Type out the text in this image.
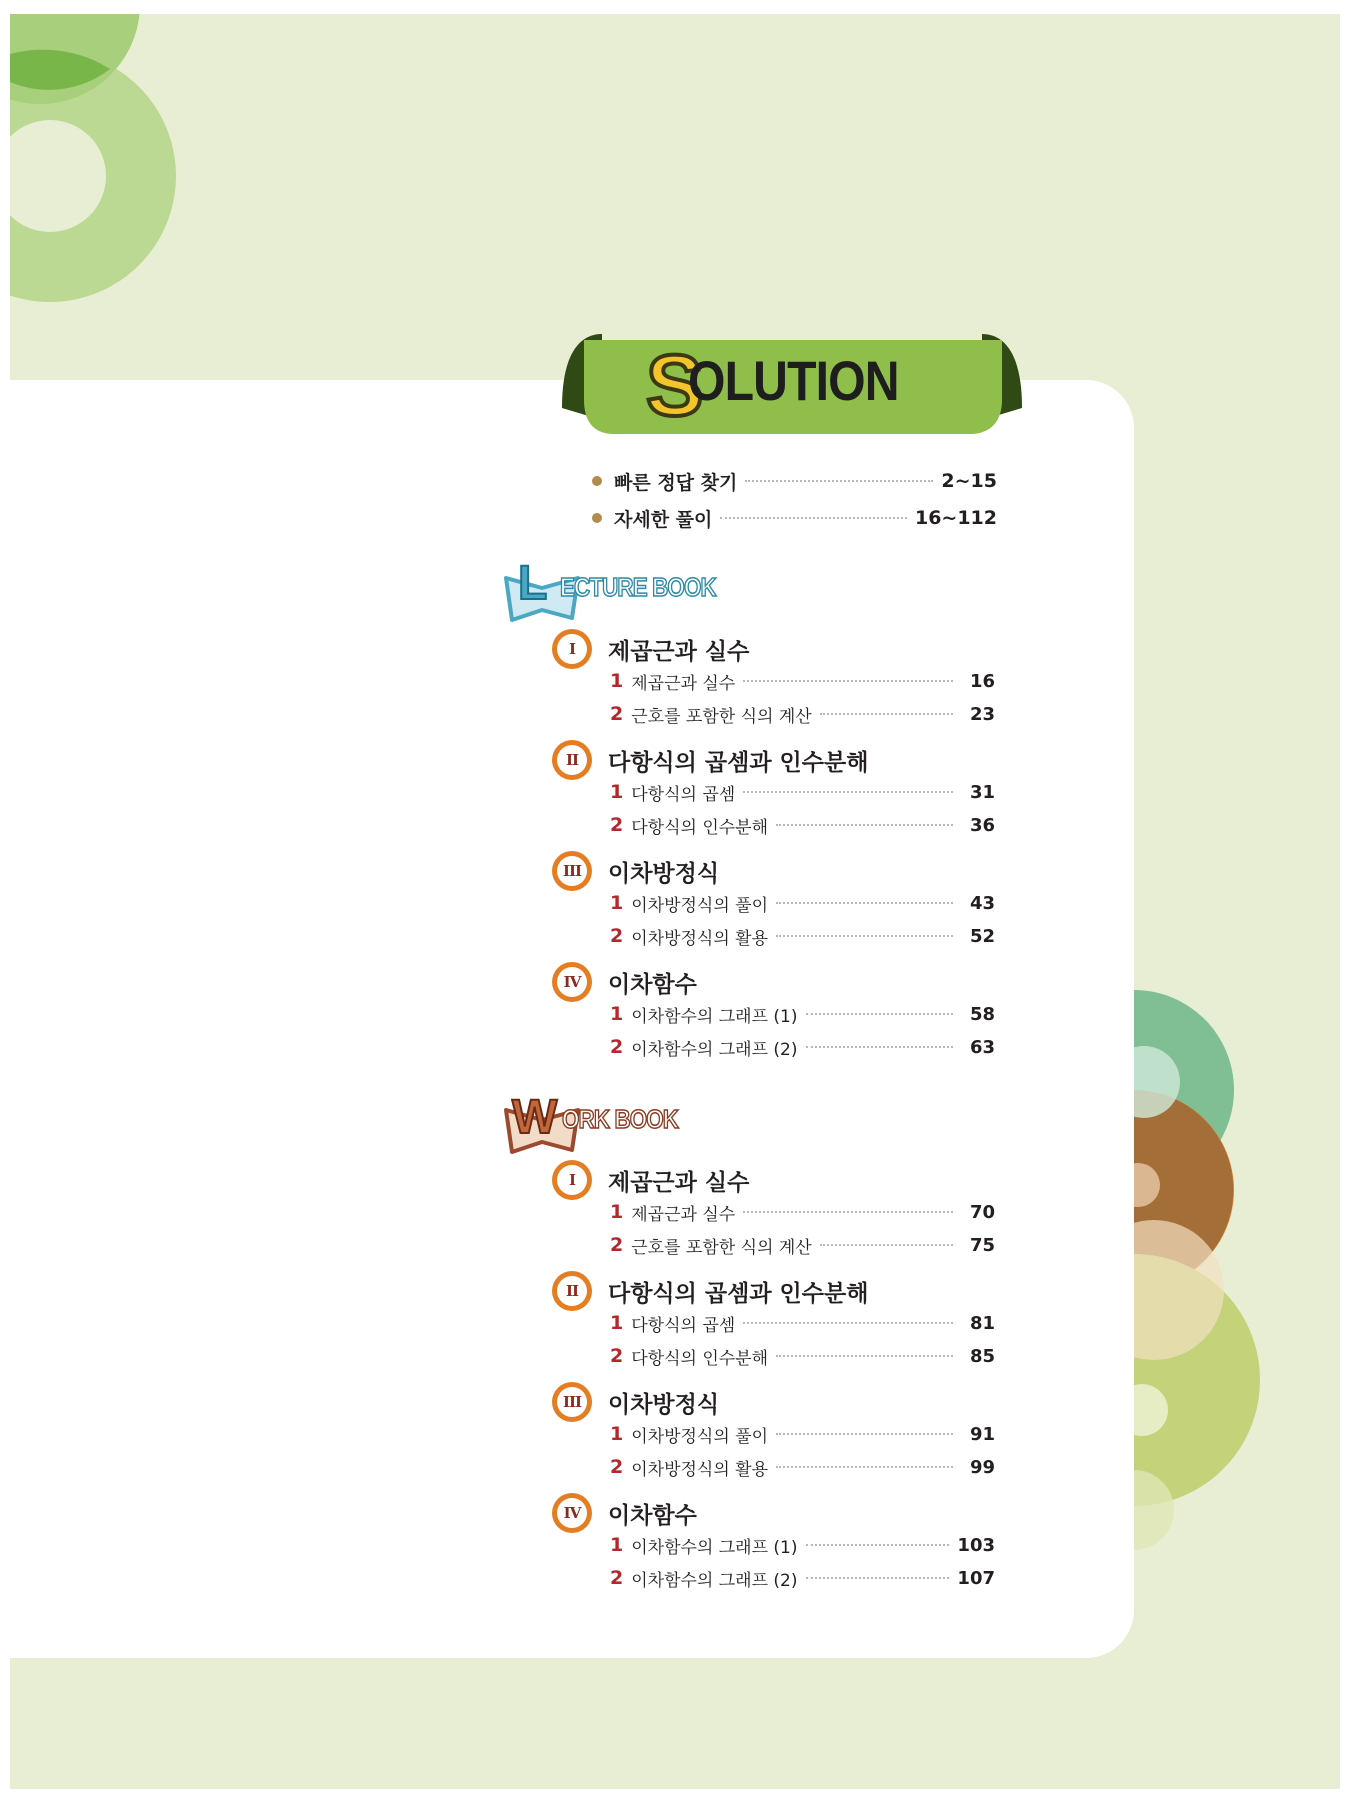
S
OLUTION
빠른 정답 찾기	2~15
자세한 풀이	16~112
L ECTURE BOOK
I	제곱근과 실수
1 제곱근과 실수	16
2 근호를 포함한 식의 계산	23
II	다항식의 곱셈과 인수분해
1 다항식의 곱셈	31
2 다항식의 인수분해	36
III 이차방정식
1 이차방정식의 풀이	43
2 이차방정식의 활용	52
IV 이차함수
1 이차함수의 그래프 (1)	58
2 이차함수의 그래프 (2)	63
W ORK BOOK
I	제곱근과 실수
1 제곱근과 실수	70
2 근호를 포함한 식의 계산	75
II	다항식의 곱셈과 인수분해
1 다항식의 곱셈	81
2 다항식의 인수분해	85
III 이차방정식
1 이차방정식의 풀이	91
2 이차방정식의 활용	99
IV 이차함수
1 이차함수의 그래프 (1)	103
2 이차함수의 그래프 (2)	107
